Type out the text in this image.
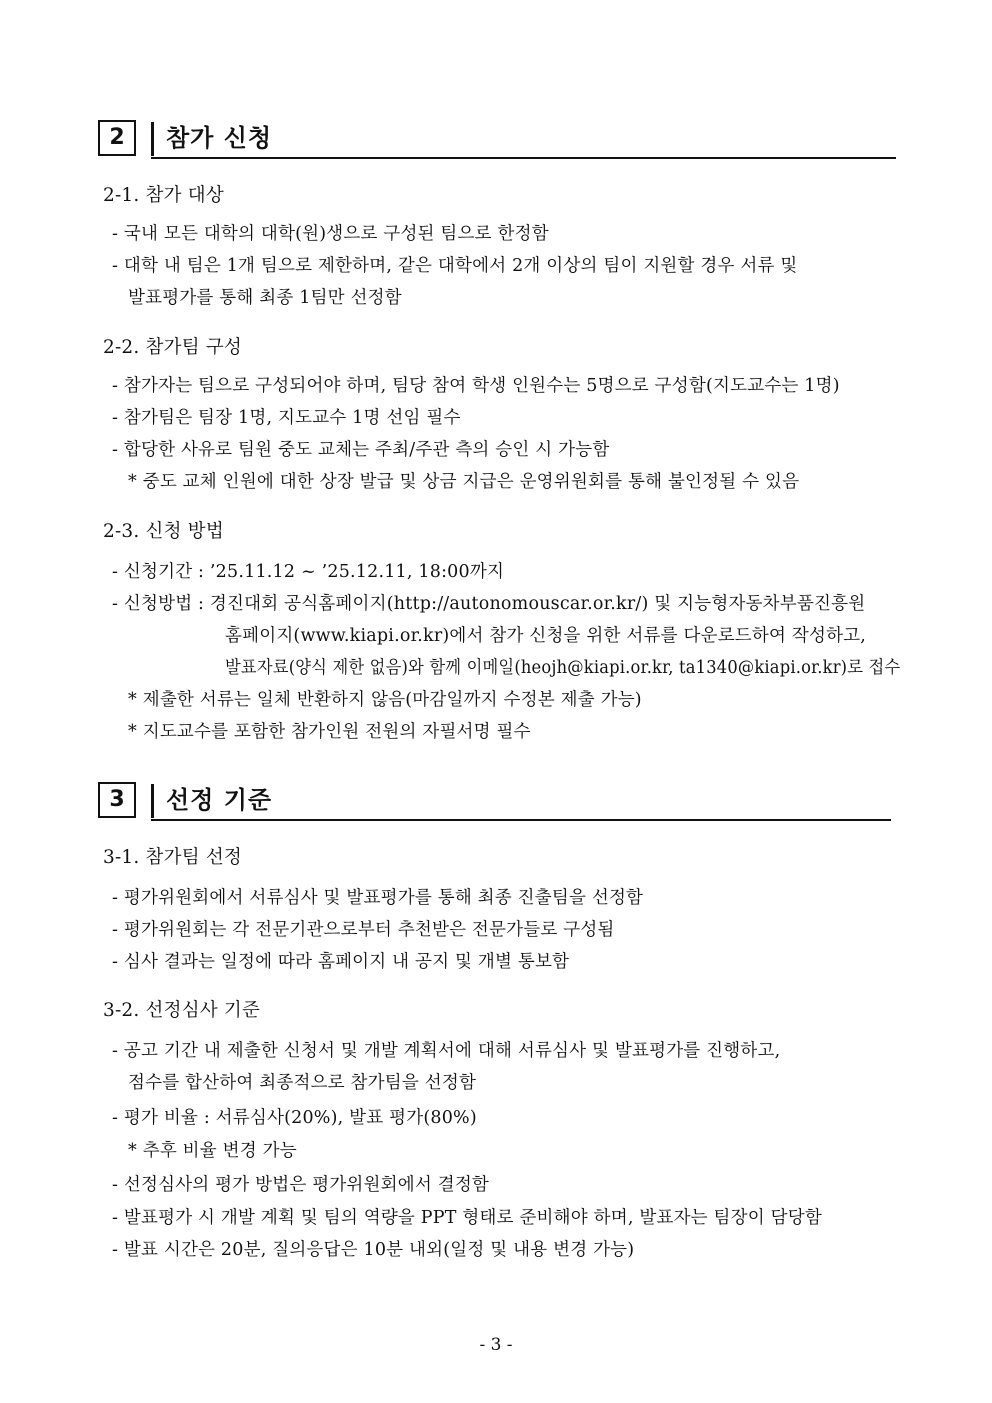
2	참가 신청
2-1. 참가 대상
- 국내 모든 대학의 대학(원)생으로 구성된 팀으로 한정함
- 대학 내 팀은 1개 팀으로 제한하며, 같은 대학에서 2개 이상의 팀이 지원할 경우 서류 및
발표평가를 통해 최종 1팀만 선정함
2-2. 참가팀 구성
- 참가자는 팀으로 구성되어야 하며, 팀당 참여 학생 인원수는 5명으로 구성함(지도교수는 1명)
- 참가팀은 팀장 1명, 지도교수 1명 선임 필수
- 합당한 사유로 팀원 중도 교체는 주최/주관 측의 승인 시 가능함
* 중도 교체 인원에 대한 상장 발급 및 상금 지급은 운영위원회를 통해 불인정될 수 있음
2-3. 신청 방법
- 신청기간 : ’25.11.12 ~ ’25.12.11, 18:00까지
- 신청방법 : 경진대회 공식홈페이지(http://autonomouscar.or.kr/) 및 지능형자동차부품진흥원
홈페이지(www.kiapi.or.kr)에서 참가 신청을 위한 서류를 다운로드하여 작성하고,
발표자료(양식 제한 없음)와 함께 이메일(heojh@kiapi.or.kr, ta1340@kiapi.or.kr)로 접수
* 제출한 서류는 일체 반환하지 않음(마감일까지 수정본 제출 가능)
* 지도교수를 포함한 참가인원 전원의 자필서명 필수
3	선정 기준
3-1. 참가팀 선정
- 평가위원회에서 서류심사 및 발표평가를 통해 최종 진출팀을 선정함
- 평가위원회는 각 전문기관으로부터 추천받은 전문가들로 구성됨
- 심사 결과는 일정에 따라 홈페이지 내 공지 및 개별 통보함
3-2. 선정심사 기준
- 공고 기간 내 제출한 신청서 및 개발 계획서에 대해 서류심사 및 발표평가를 진행하고,
점수를 합산하여 최종적으로 참가팀을 선정함
- 평가 비율 : 서류심사(20%), 발표 평가(80%)
* 추후 비율 변경 가능
- 선정심사의 평가 방법은 평가위원회에서 결정함
- 발표평가 시 개발 계획 및 팀의 역량을 PPT 형태로 준비해야 하며, 발표자는 팀장이 담당함
- 발표 시간은 20분, 질의응답은 10분 내외(일정 및 내용 변경 가능)
- 3 -
